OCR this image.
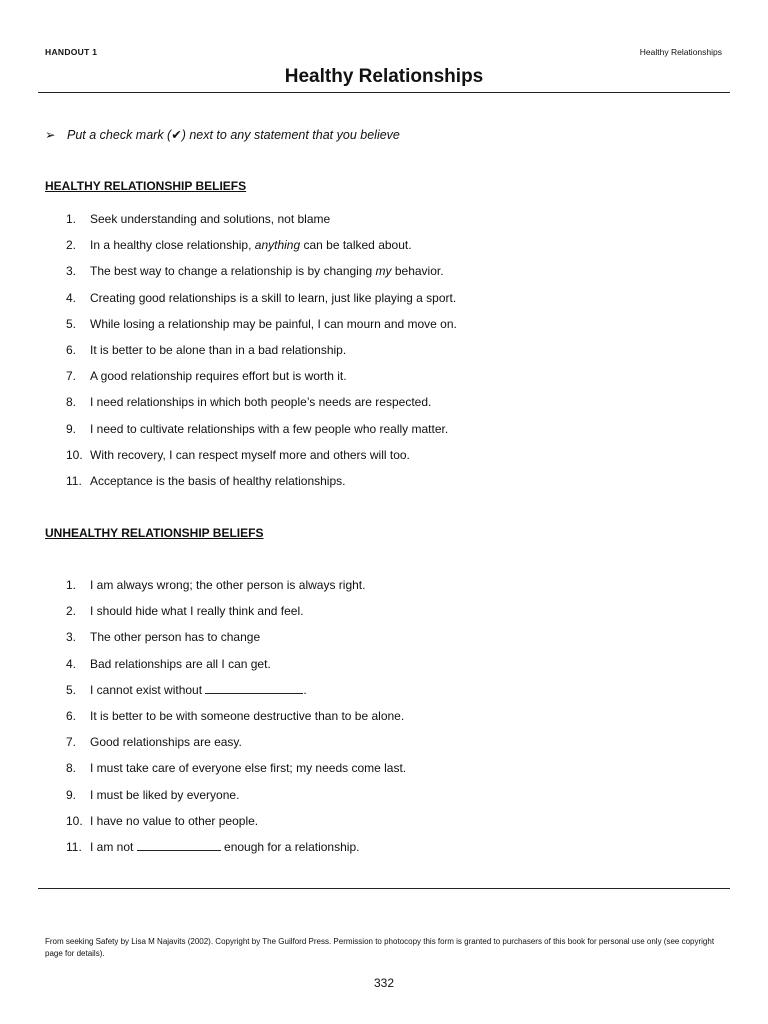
HANDOUT 1	Healthy Relationships
Healthy Relationships
➢ Put a check mark (✔) next to any statement that you believe
HEALTHY RELATIONSHIP BELIEFS
1. Seek understanding and solutions, not blame
2. In a healthy close relationship, anything can be talked about.
3. The best way to change a relationship is by changing my behavior.
4. Creating good relationships is a skill to learn, just like playing a sport.
5. While losing a relationship may be painful, I can mourn and move on.
6. It is better to be alone than in a bad relationship.
7. A good relationship requires effort but is worth it.
8. I need relationships in which both people’s needs are respected.
9. I need to cultivate relationships with a few people who really matter.
10. With recovery, I can respect myself more and others will too.
11. Acceptance is the basis of healthy relationships.
UNHEALTHY RELATIONSHIP BELIEFS
1. I am always wrong; the other person is always right.
2. I should hide what I really think and feel.
3. The other person has to change
4. Bad relationships are all I can get.
5. I cannot exist without	.
6. It is better to be with someone destructive than to be alone.
7. Good relationships are easy.
8. I must take care of everyone else first; my needs come last.
9. I must be liked by everyone.
10. I have no value to other people.
11. I am not	enough for a relationship.
From seeking Safety by Lisa M Najavits (2002). Copyright by The Guilford Press. Permission to photocopy this form is granted to purchasers of this book for personal use only (see copyright page for details).
332
